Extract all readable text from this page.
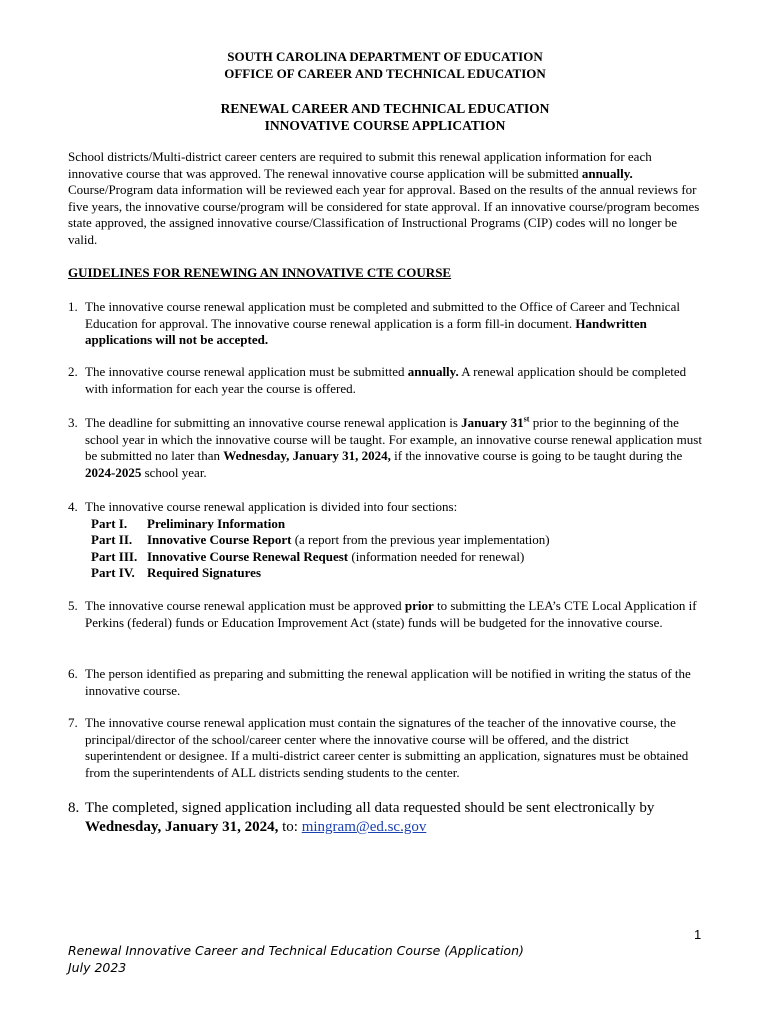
SOUTH CAROLINA DEPARTMENT OF EDUCATION
OFFICE OF CAREER AND TECHNICAL EDUCATION
RENEWAL CAREER AND TECHNICAL EDUCATION
INNOVATIVE COURSE APPLICATION
School districts/Multi-district career centers are required to submit this renewal application information for each innovative course that was approved. The renewal innovative course application will be submitted annually. Course/Program data information will be reviewed each year for approval. Based on the results of the annual reviews for five years, the innovative course/program will be considered for state approval. If an innovative course/program becomes state approved, the assigned innovative course/Classification of Instructional Programs (CIP) codes will no longer be valid.
GUIDELINES FOR RENEWING AN INNOVATIVE CTE COURSE
1. The innovative course renewal application must be completed and submitted to the Office of Career and Technical Education for approval. The innovative course renewal application is a form fill-in document. Handwritten applications will not be accepted.
2. The innovative course renewal application must be submitted annually. A renewal application should be completed with information for each year the course is offered.
3. The deadline for submitting an innovative course renewal application is January 31st prior to the beginning of the school year in which the innovative course will be taught. For example, an innovative course renewal application must be submitted no later than Wednesday, January 31, 2024, if the innovative course is going to be taught during the 2024-2025 school year.
4. The innovative course renewal application is divided into four sections:
Part I.	Preliminary Information
Part II.	Innovative Course Report (a report from the previous year implementation)
Part III. Innovative Course Renewal Request (information needed for renewal)
Part IV. Required Signatures
5. The innovative course renewal application must be approved prior to submitting the LEA’s CTE Local Application if Perkins (federal) funds or Education Improvement Act (state) funds will be budgeted for the innovative course.
6. The person identified as preparing and submitting the renewal application will be notified in writing the status of the innovative course.
7. The innovative course renewal application must contain the signatures of the teacher of the innovative course, the principal/director of the school/career center where the innovative course will be offered, and the district superintendent or designee. If a multi-district career center is submitting an application, signatures must be obtained from the superintendents of ALL districts sending students to the center.
8. The completed, signed application including all data requested should be sent electronically by Wednesday, January 31, 2024, to: mingram@ed.sc.gov
1
Renewal Innovative Career and Technical Education Course (Application)
July 2023
